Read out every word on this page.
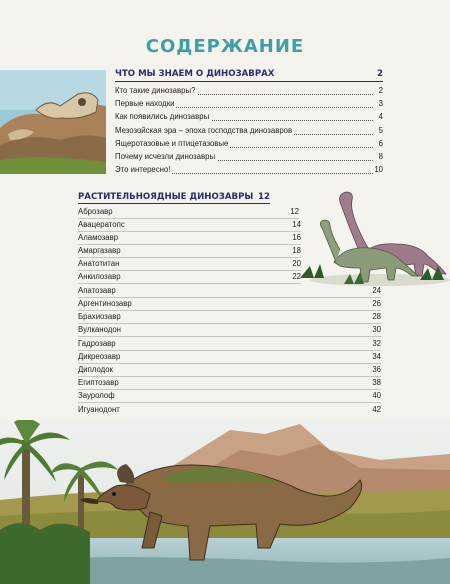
СОДЕРЖАНИЕ
ЧТО МЫ ЗНАЕМ О ДИНОЗАВРАХ	2
Кто такие динозавры?	2
Первые находки	3
Как появились динозавры	4
Мезозойская эра – эпоха господства динозавров	5
Ящеротазовые и птицетазовые	6
Почему исчезли динозавры	8
Это интересно!	10
РАСТИТЕЛЬНОЯДНЫЕ ДИНОЗАВРЫ 12
Аброзавр	12
Авацератопс	14
Аламозавр	16
Амаргазавр	18
Анатотитан	20
Анкилозавр	22
Апатозавр	24
Аргентинозавр	26
Брахиозавр	28
Вулканодон	30
Гадрозавр	32
Дикреозавр	34
Диплодок	36
Египтозавр	38
Зауролоф	40
Игуанодонт	42
